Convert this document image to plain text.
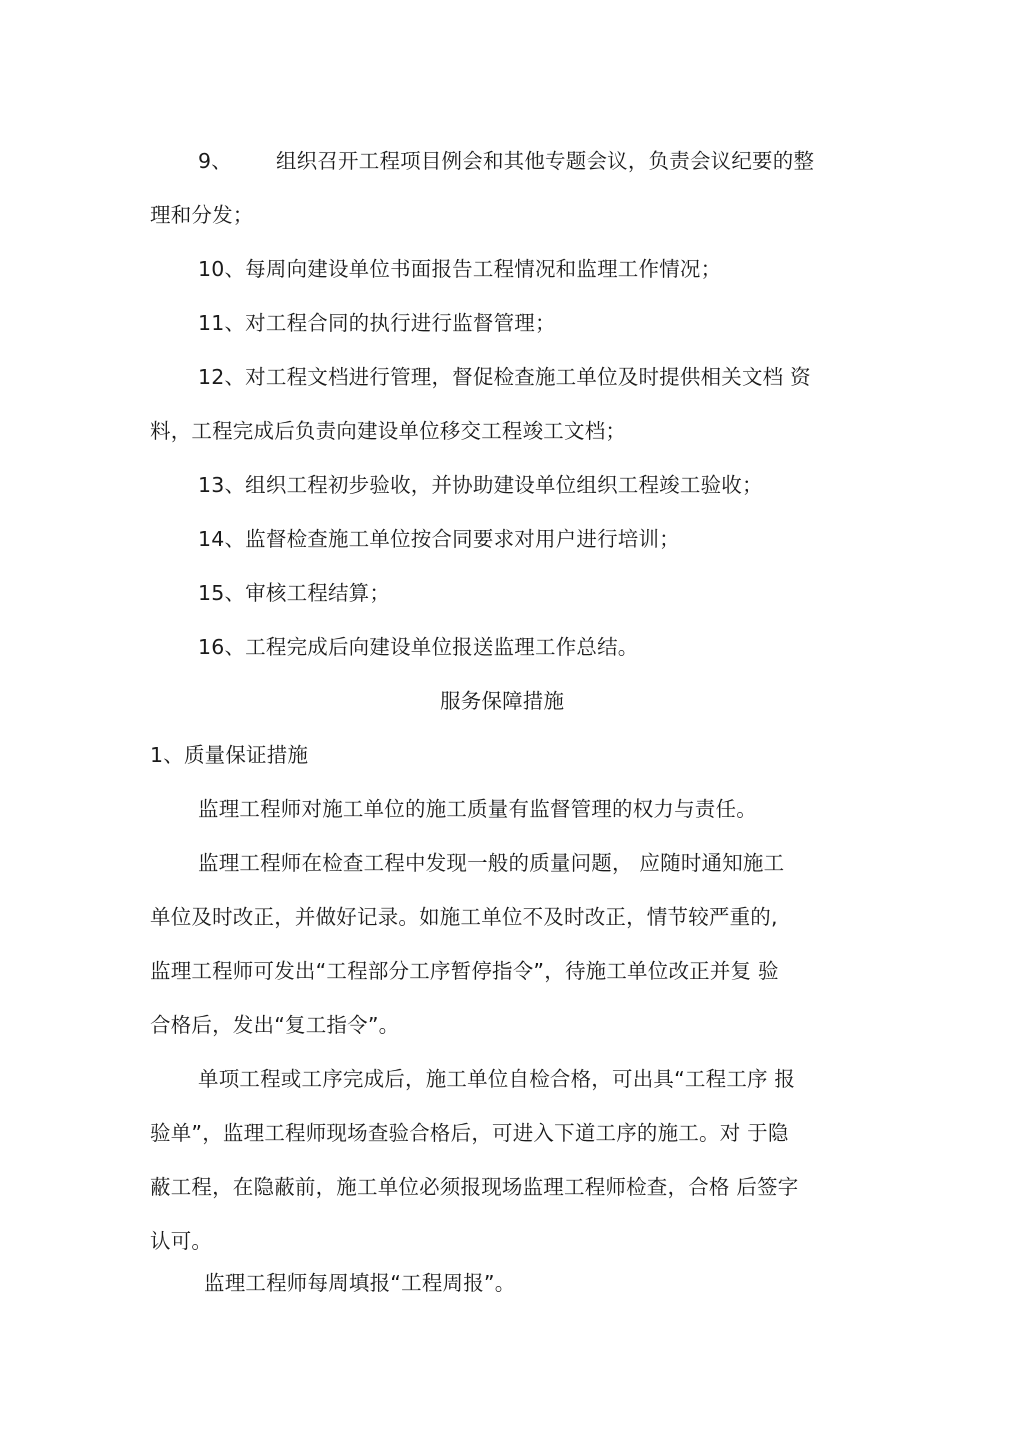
9、 组织召开工程项目例会和其他专题会议，负责会议纪要的整
理和分发；
10、每周向建设单位书面报告工程情况和监理工作情况；
11、对工程合同的执行进行监督管理；
12、对工程文档进行管理，督促检查施工单位及时提供相关文档 资
料，工程完成后负责向建设单位移交工程竣工文档；
13、组织工程初步验收，并协助建设单位组织工程竣工验收；
14、监督检查施工单位按合同要求对用户进行培训；
15、审核工程结算；
16、工程完成后向建设单位报送监理工作总结。
服务保障措施
1、质量保证措施
监理工程师对施工单位的施工质量有监督管理的权力与责任。
监理工程师在检查工程中发现一般的质量问题， 应随时通知施工
单位及时改正，并做好记录。如施工单位不及时改正，情节较严重的,
监理工程师可发出“工程部分工序暂停指令”，待施工单位改正并复 验
合格后，发出“复工指令”。
单项工程或工序完成后，施工单位自检合格，可出具“工程工序 报
验单”，监理工程师现场查验合格后，可进入下道工序的施工。对 于隐
蔽工程，在隐蔽前，施工单位必须报现场监理工程师检查，合格 后签字
认可。
监理工程师每周填报“工程周报”。
